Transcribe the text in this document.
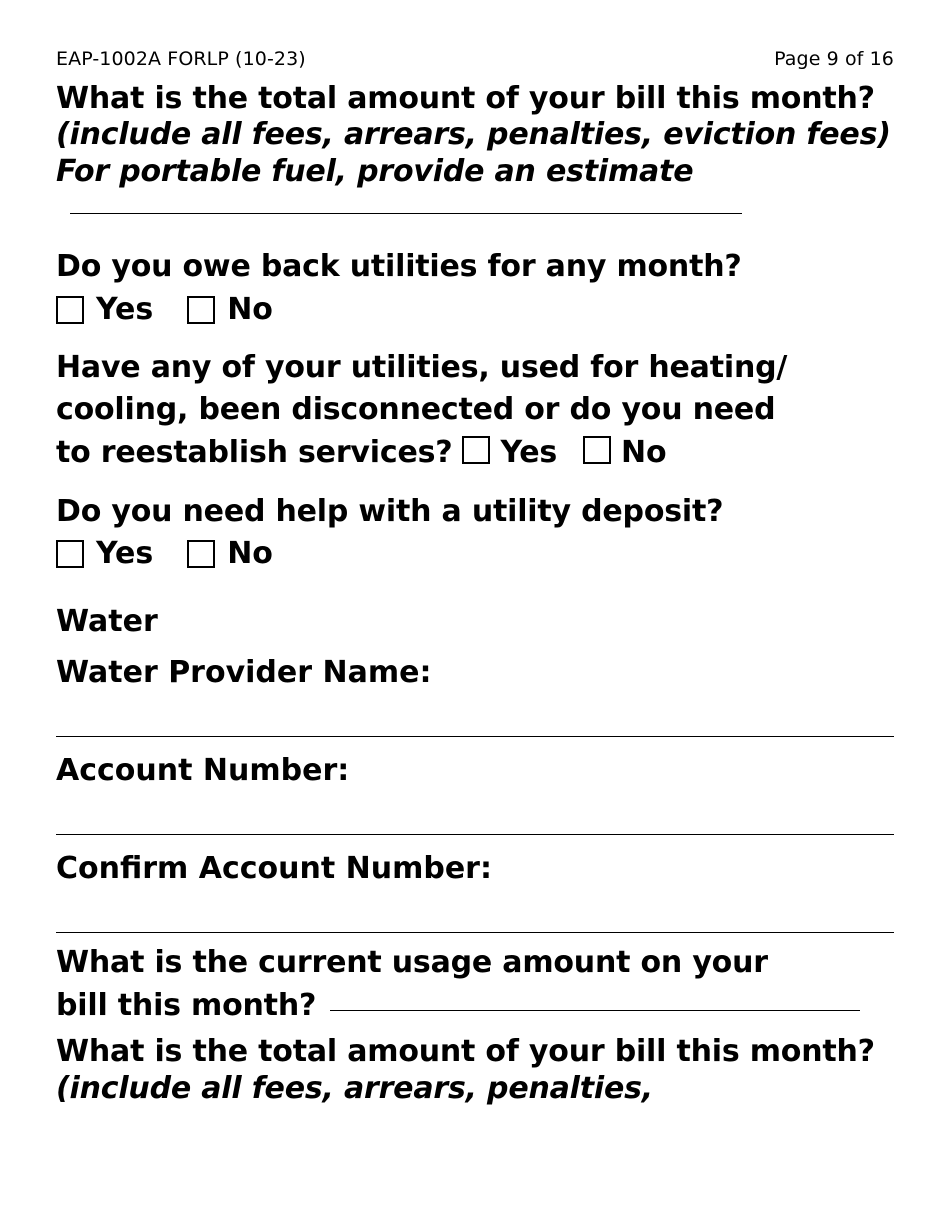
EAP-1002A FORLP (10-23)	Page 9 of 16
What is the total amount of your bill this month? (include all fees, arrears, penalties, eviction fees) For portable fuel, provide an estimate
Do you owe back utilities for any month?
Yes No
Have any of your utilities, used for heating/
cooling, been disconnected or do you need
to reestablish services? Yes No
Do you need help with a utility deposit?
Yes No
Water
Water Provider Name:
Account Number:
Confirm Account Number:
What is the current usage amount on your
bill this month?
What is the total amount of your bill this month? (include all fees, arrears, penalties,
